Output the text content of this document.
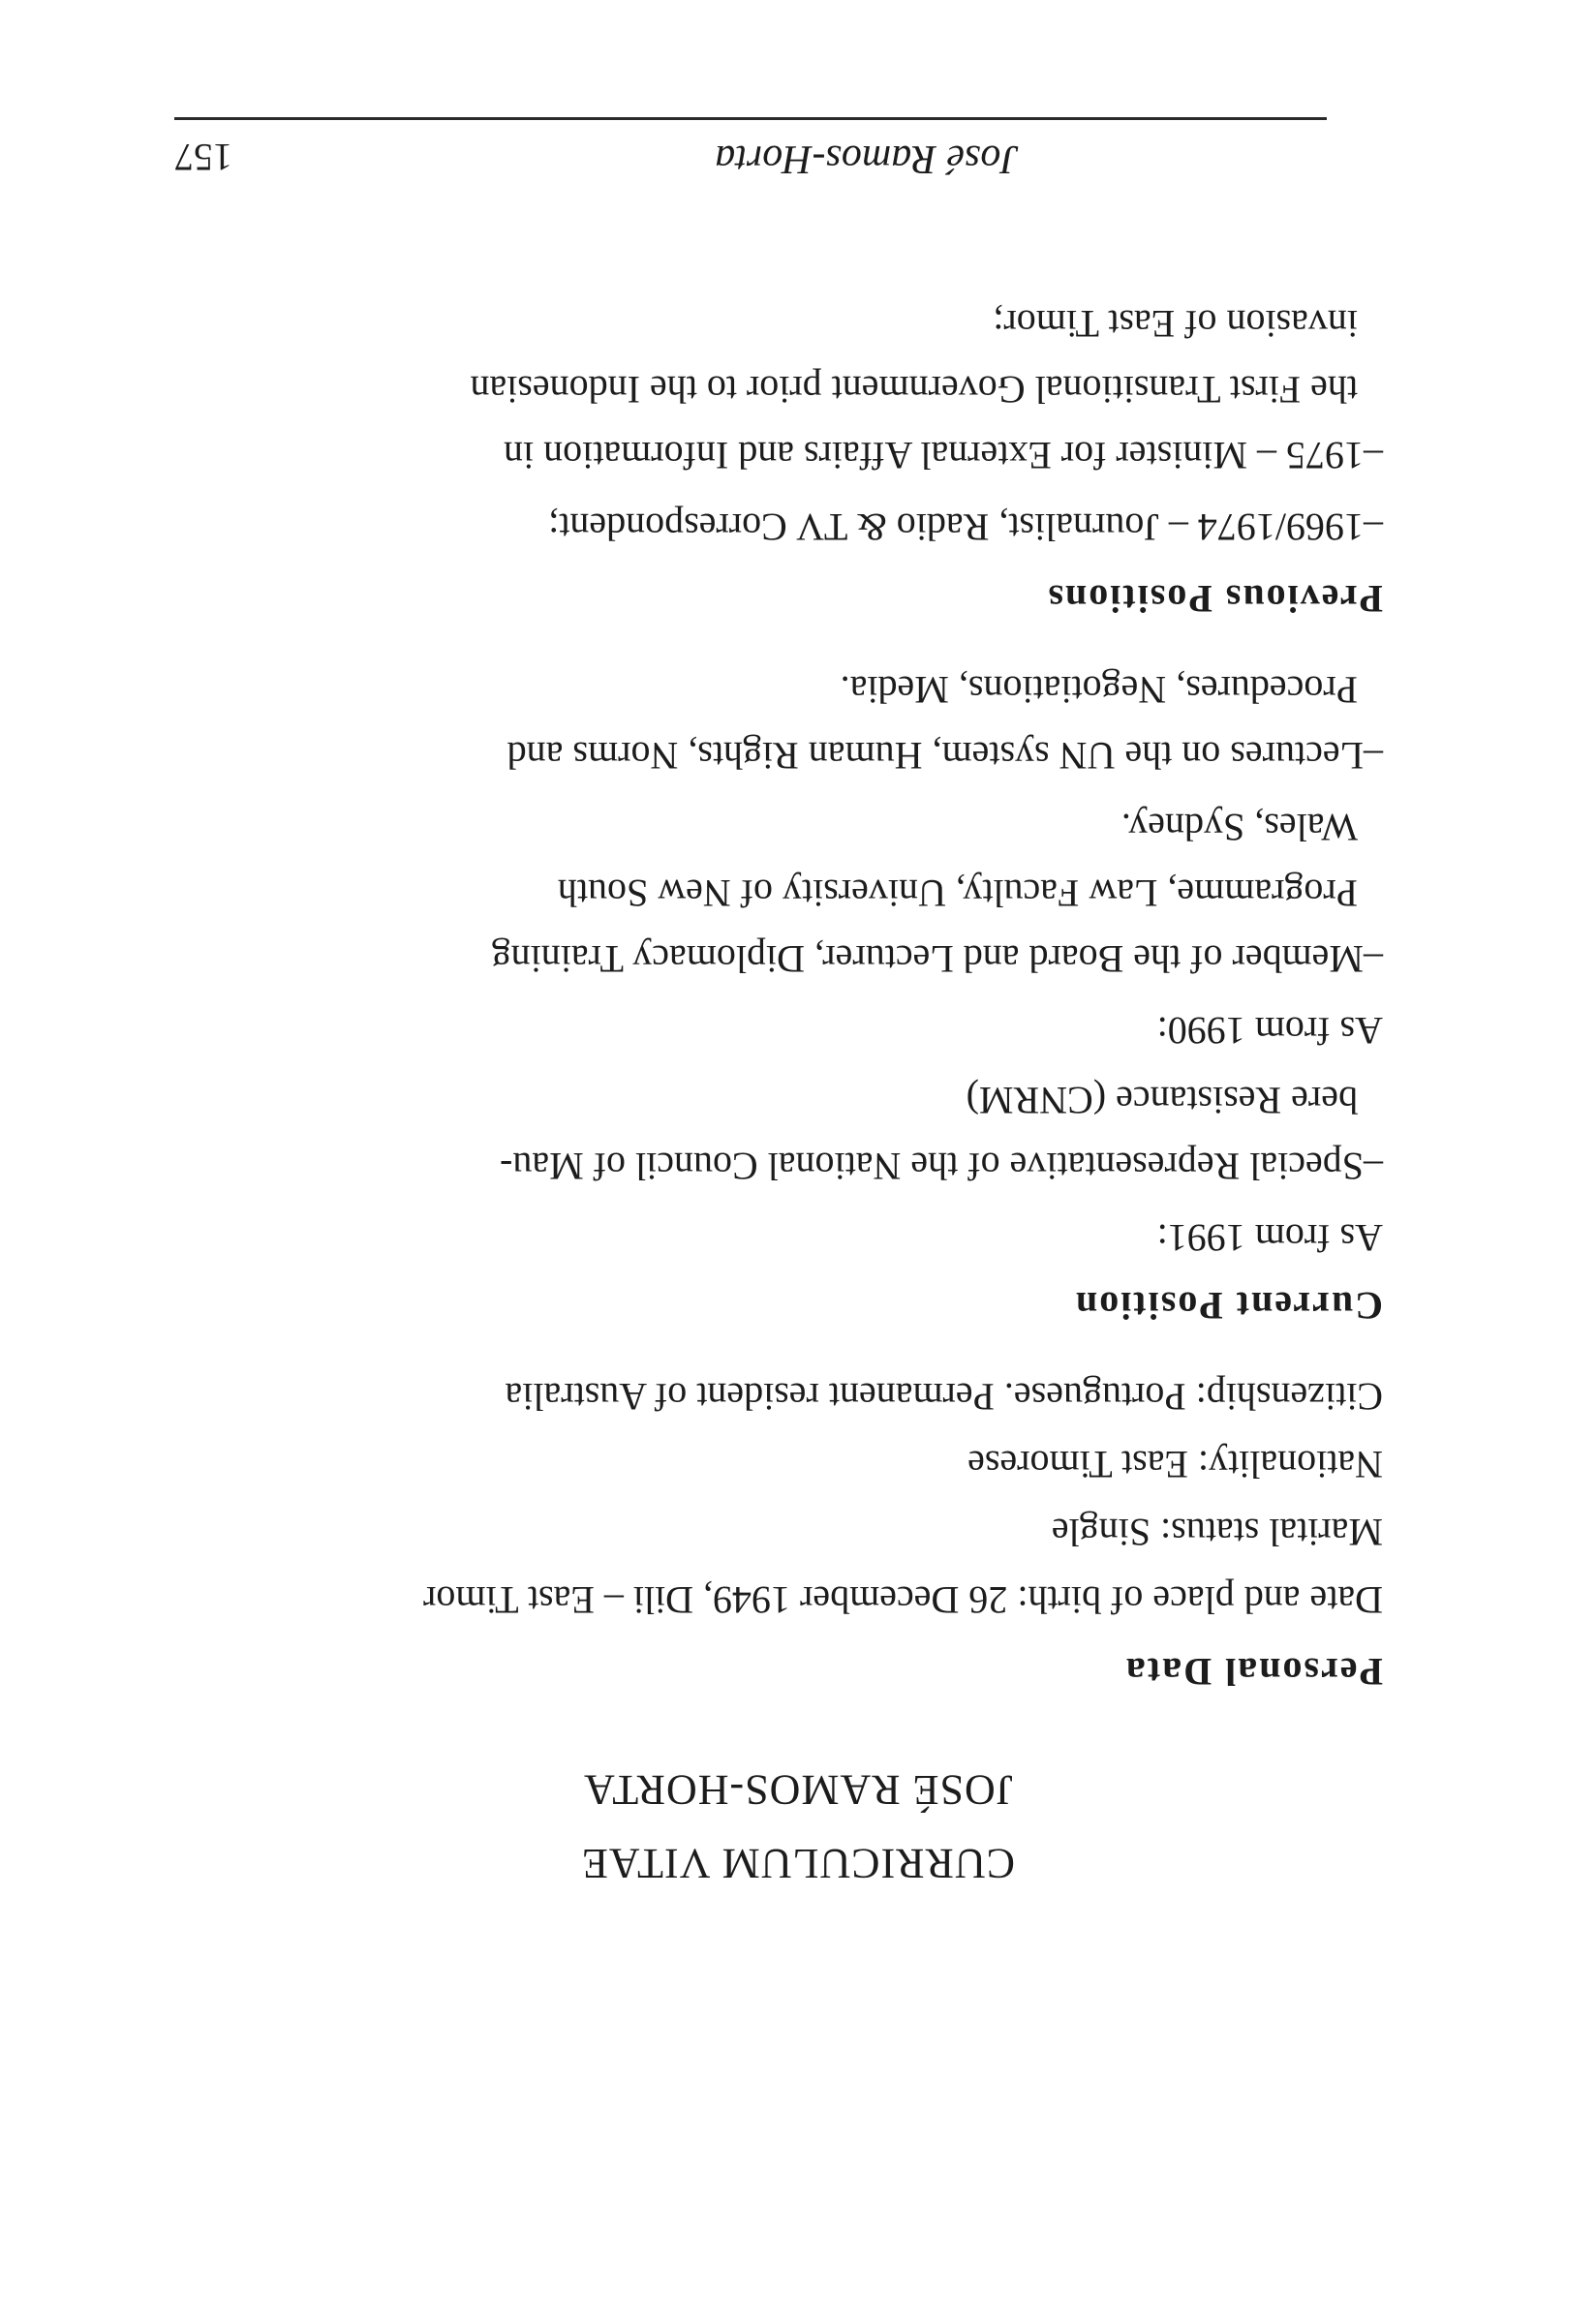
José Ramos-Horta
157
CURRICULUM VITAE
JOSÉ RAMOS-HORTA
Personal Data
Date and place of birth: 26 December 1949, Dili – East Timor
Marital status: Single
Nationality: East Timorese
Citizenship: Portuguese. Permanent resident of Australia
Current Position
As from 1991:
–Special Representative of the National Council of Mau-
bere Resistance (CNRM)
As from 1990:
–Member of the Board and Lecturer, Diplomacy Training
Programme, Law Faculty, University of New South
Wales, Sydney.
–Lectures on the UN system, Human Rights, Norms and
Procedures, Negotiations, Media.
Previous Positions
–1969/1974 – Journalist, Radio & TV Correspondent;
–1975 – Minister for External Affairs and Information in
the First Transitional Government prior to the Indonesian
invasion of East Timor;
